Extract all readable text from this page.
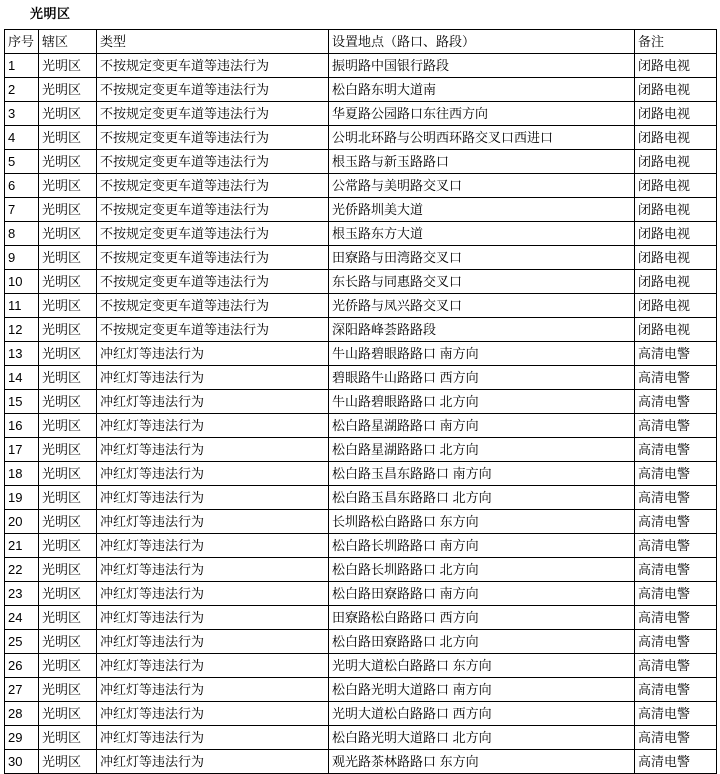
光明区
序号	辖区	类型	设置地点（路口、路段）	备注
1	光明区	不按规定变更车道等违法行为	振明路中国银行路段	闭路电视
2	光明区	不按规定变更车道等违法行为	松白路东明大道南	闭路电视
3	光明区	不按规定变更车道等违法行为	华夏路公园路口东往西方向	闭路电视
4	光明区	不按规定变更车道等违法行为	公明北环路与公明西环路交叉口西进口	闭路电视
5	光明区	不按规定变更车道等违法行为	根玉路与新玉路路口	闭路电视
6	光明区	不按规定变更车道等违法行为	公常路与美明路交叉口	闭路电视
7	光明区	不按规定变更车道等违法行为	光侨路圳美大道	闭路电视
8	光明区	不按规定变更车道等违法行为	根玉路东方大道	闭路电视
9	光明区	不按规定变更车道等违法行为	田寮路与田湾路交叉口	闭路电视
10	光明区	不按规定变更车道等违法行为	东长路与同惠路交叉口	闭路电视
11	光明区	不按规定变更车道等违法行为	光侨路与凤兴路交叉口	闭路电视
12	光明区	不按规定变更车道等违法行为	深阳路峰荟路路段	闭路电视
13	光明区	冲红灯等违法行为	牛山路碧眼路路口 南方向	高清电警
14	光明区	冲红灯等违法行为	碧眼路牛山路路口 西方向	高清电警
15	光明区	冲红灯等违法行为	牛山路碧眼路路口 北方向	高清电警
16	光明区	冲红灯等违法行为	松白路星湖路路口 南方向	高清电警
17	光明区	冲红灯等违法行为	松白路星湖路路口 北方向	高清电警
18	光明区	冲红灯等违法行为	松白路玉昌东路路口 南方向	高清电警
19	光明区	冲红灯等违法行为	松白路玉昌东路路口 北方向	高清电警
20	光明区	冲红灯等违法行为	长圳路松白路路口 东方向	高清电警
21	光明区	冲红灯等违法行为	松白路长圳路路口 南方向	高清电警
22	光明区	冲红灯等违法行为	松白路长圳路路口 北方向	高清电警
23	光明区	冲红灯等违法行为	松白路田寮路路口 南方向	高清电警
24	光明区	冲红灯等违法行为	田寮路松白路路口 西方向	高清电警
25	光明区	冲红灯等违法行为	松白路田寮路路口 北方向	高清电警
26	光明区	冲红灯等违法行为	光明大道松白路路口 东方向	高清电警
27	光明区	冲红灯等违法行为	松白路光明大道路口 南方向	高清电警
28	光明区	冲红灯等违法行为	光明大道松白路路口 西方向	高清电警
29	光明区	冲红灯等违法行为	松白路光明大道路口 北方向	高清电警
30	光明区	冲红灯等违法行为	观光路茶林路路口 东方向	高清电警
